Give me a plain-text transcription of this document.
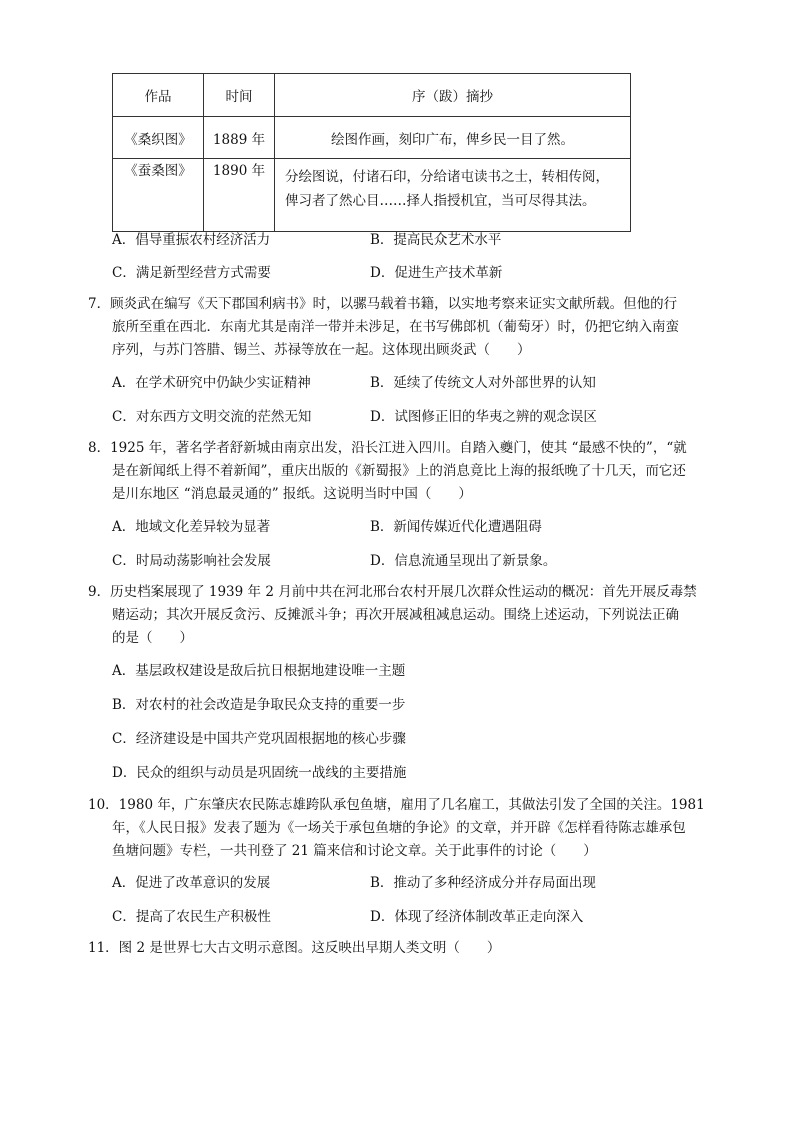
作品	时间	序（跋）摘抄
《桑织图》	1889 年	绘图作画，刻印广布，俾乡民一目了然。
《蚕桑图》	1890 年	分绘图说，付诸石印，分给诸屯读书之士，转相传阅，
俾习者了然心目……择人指授机宜，当可尽得其法。
A．倡导重振农村经济活力	B．提高民众艺术水平
C．满足新型经营方式需要	D．促进生产技术革新
7．顾炎武在编写《天下郡国利病书》时，以骡马载着书籍，以实地考察来证实文献所载。但他的行
旅所至重在西北．东南尤其是南洋一带并未涉足，在书写佛郎机（葡萄牙）时，仍把它纳入南蛮
序列，与苏门答腊、锡兰、苏禄等放在一起。这体现出顾炎武（　　）
A．在学术研究中仍缺少实证精神	B．延续了传统文人对外部世界的认知
C．对东西方文明交流的茫然无知	D．试图修正旧的华夷之辨的观念误区
8．1925 年，著名学者舒新城由南京出发，沿长江进入四川。自踏入夔门，使其 “最感不快的”，“就
是在新闻纸上得不着新闻”，重庆出版的《新蜀报》上的消息竟比上海的报纸晚了十几天，而它还
是川东地区 “消息最灵通的” 报纸。这说明当时中国（　　）
A．地域文化差异较为显著	B．新闻传媒近代化遭遇阻碍
C．时局动荡影响社会发展	D．信息流通呈现出了新景象。
9．历史档案展现了 1939 年 2 月前中共在河北邢台农村开展几次群众性运动的概况：首先开展反毒禁
赌运动；其次开展反贪污、反摊派斗争；再次开展减租减息运动。围绕上述运动，下列说法正确
的是（　　）
A．基层政权建设是敌后抗日根据地建设唯一主题
B．对农村的社会改造是争取民众支持的重要一步
C．经济建设是中国共产党巩固根据地的核心步骤
D．民众的组织与动员是巩固统一战线的主要措施
10．1980 年，广东肇庆农民陈志雄跨队承包鱼塘，雇用了几名雇工，其做法引发了全国的关注。1981
年，《人民日报》发表了题为《一场关于承包鱼塘的争论》的文章，并开辟《怎样看待陈志雄承包
鱼塘问题》专栏，一共刊登了 21 篇来信和讨论文章。关于此事件的讨论（　　）
A．促进了改革意识的发展	B．推动了多种经济成分并存局面出现
C．提高了农民生产积极性	D．体现了经济体制改革正走向深入
11．图 2 是世界七大古文明示意图。这反映出早期人类文明（　　）
